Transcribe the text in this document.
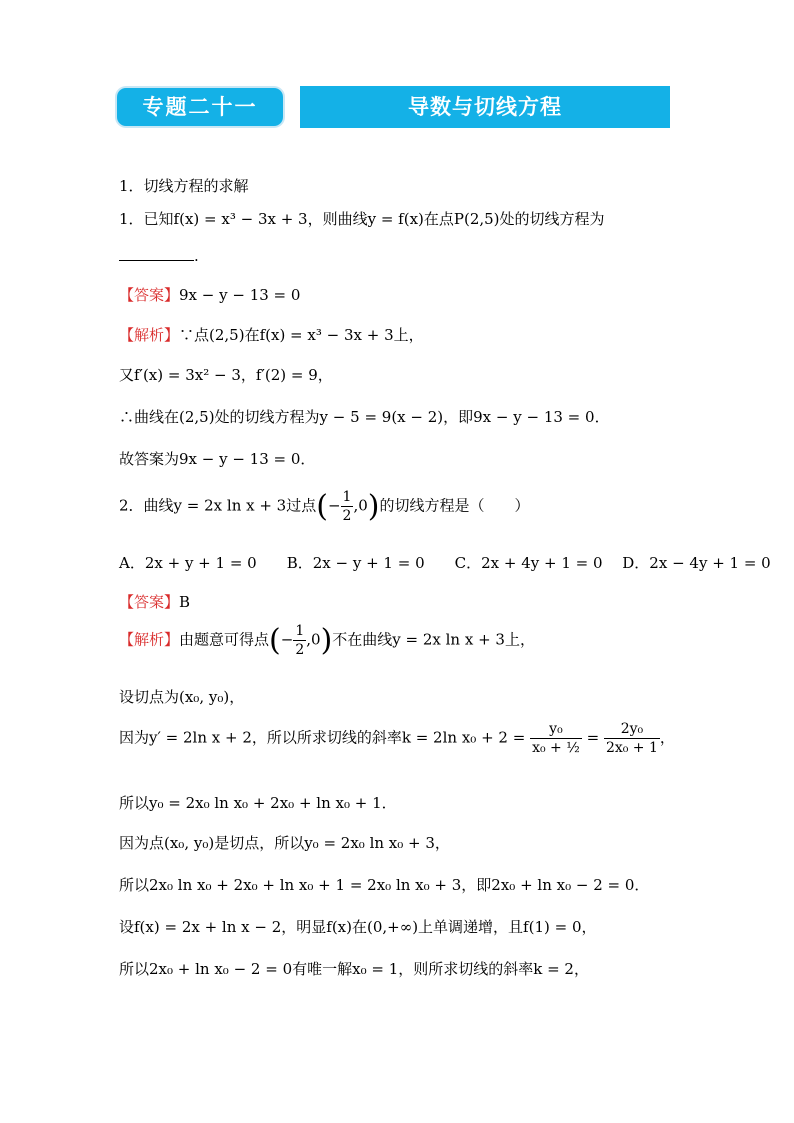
专题二十一	导数与切线方程
1．切线方程的求解
1．已知f(x) = x³ − 3x + 3，则曲线y = f(x)在点P(2,5)处的切线方程为
.
【答案】9x − y − 13 = 0
【解析】∵点(2,5)在f(x) = x³ − 3x + 3上，
又f′(x) = 3x² − 3，f′(2) = 9，
∴曲线在(2,5)处的切线方程为y − 5 = 9(x − 2)，即9x − y − 13 = 0．
故答案为9x − y − 13 = 0．
2．曲线y = 2x ln x + 3过点(− $\frac{1}{2} ,0$)的切线方程是（　　）
A．2x + y + 1 = 0　　B．2x − y + 1 = 0　　C．2x + 4y + 1 = 0　 D．2x − 4y + 1 = 0
【答案】B
【解析】由题意可得点(− $\frac{1}{2} ,0$)不在曲线y = 2x ln x + 3上，
设切点为(x₀, y₀)，
因为y′ = 2ln x + 2，所以所求切线的斜率k = 2ln $x_0 + 2 = \frac{\text{y₀}}{\text{x₀ + ½}} = \frac{\text{2y₀}}{\text{2x₀ + 1}}$ ，
所以y₀ = 2x₀ ln x₀ + 2x₀ + ln x₀ + 1．
因为点(x₀, y₀)是切点，所以y₀ = 2x₀ ln x₀ + 3，
所以2x₀ ln x₀ + 2x₀ + ln x₀ + 1 = 2x₀ ln x₀ + 3，即2x₀ + ln x₀ − 2 = 0．
设f(x) = 2x + ln x − 2，明显f(x)在(0,+∞)上单调递增，且f(1) = 0，
所以2x₀ + ln x₀ − 2 = 0有唯一解x₀ = 1，则所求切线的斜率k = 2，
